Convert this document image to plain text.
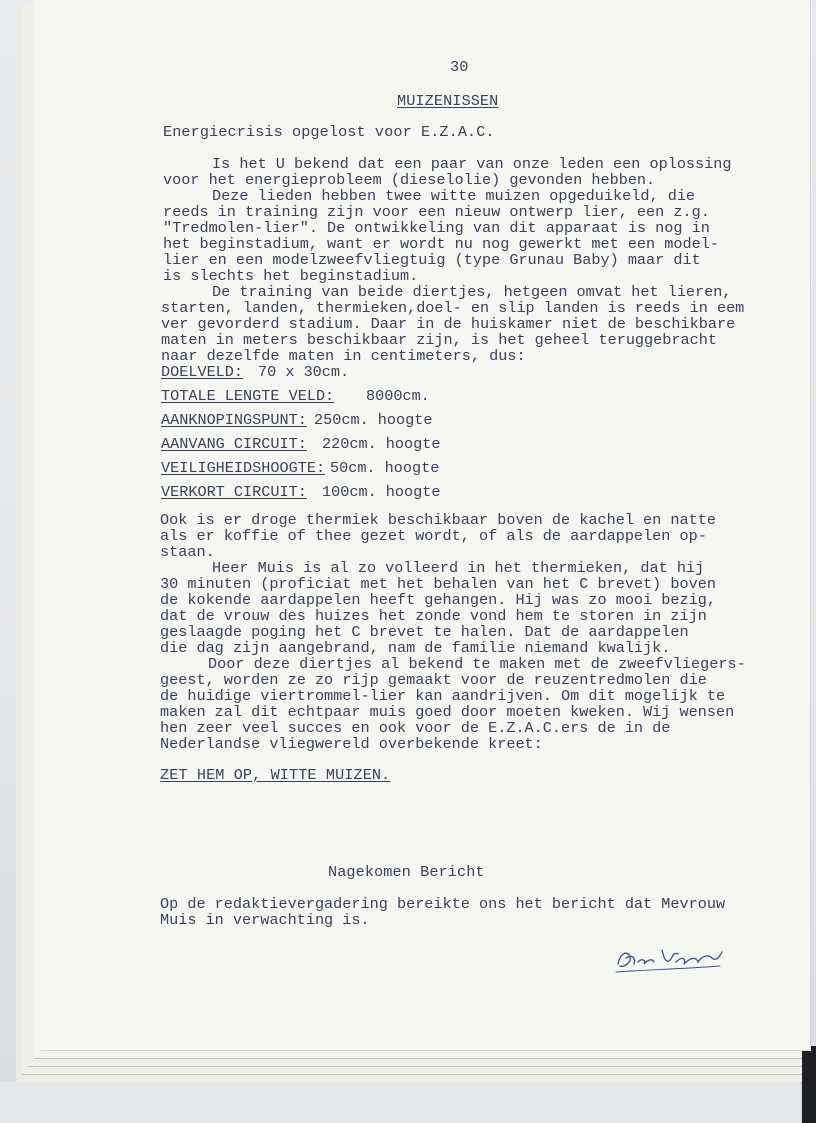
30
MUIZENISSEN
Energiecrisis opgelost voor E.Z.A.C.
Is het U bekend dat een paar van onze leden een oplossing
voor het energieprobleem (dieselolie) gevonden hebben.
Deze lieden hebben twee witte muizen opgeduikeld, die
reeds in training zijn voor een nieuw ontwerp lier, een z.g.
"Tredmolen-lier". De ontwikkeling van dit apparaat is nog in
het beginstadium, want er wordt nu nog gewerkt met een model-
lier en een modelzweefvliegtuig (type Grunau Baby) maar dit
is slechts het beginstadium.
De training van beide diertjes, hetgeen omvat het lieren,
starten, landen, thermieken,doel- en slip landen is reeds in eem
ver gevorderd stadium. Daar in de huiskamer niet de beschikbare
maten in meters beschikbaar zijn, is het geheel teruggebracht
naar dezelfde maten in centimeters, dus:
DOELVELD: 70 x 30cm.
TOTALE LENGTE VELD: 8000cm.
AANKNOPINGSPUNT: 250cm. hoogte
AANVANG CIRCUIT: 220cm. hoogte
VEILIGHEIDSHOOGTE: 50cm. hoogte
VERKORT CIRCUIT: 100cm. hoogte
Ook is er droge thermiek beschikbaar boven de kachel en natte
als er koffie of thee gezet wordt, of als de aardappelen op-
staan.
Heer Muis is al zo volleerd in het thermieken, dat hij
30 minuten (proficiat met het behalen van het C brevet) boven
de kokende aardappelen heeft gehangen. Hij was zo mooi bezig,
dat de vrouw des huizes het zonde vond hem te storen in zijn
geslaagde poging het C brevet te halen. Dat de aardappelen
die dag zijn aangebrand, nam de familie niemand kwalijk.
Door deze diertjes al bekend te maken met de zweefvliegers-
geest, worden ze zo rijp gemaakt voor de reuzentredmolen die
de huidige viertrommel-lier kan aandrijven. Om dit mogelijk te
maken zal dit echtpaar muis goed door moeten kweken. Wij wensen
hen zeer veel succes en ook voor de E.Z.A.C.ers de in de
Nederlandse vliegwereld overbekende kreet:
ZET HEM OP, WITTE MUIZEN.
Nagekomen Bericht
Op de redaktievergadering bereikte ons het bericht dat Mevrouw
Muis in verwachting is.
